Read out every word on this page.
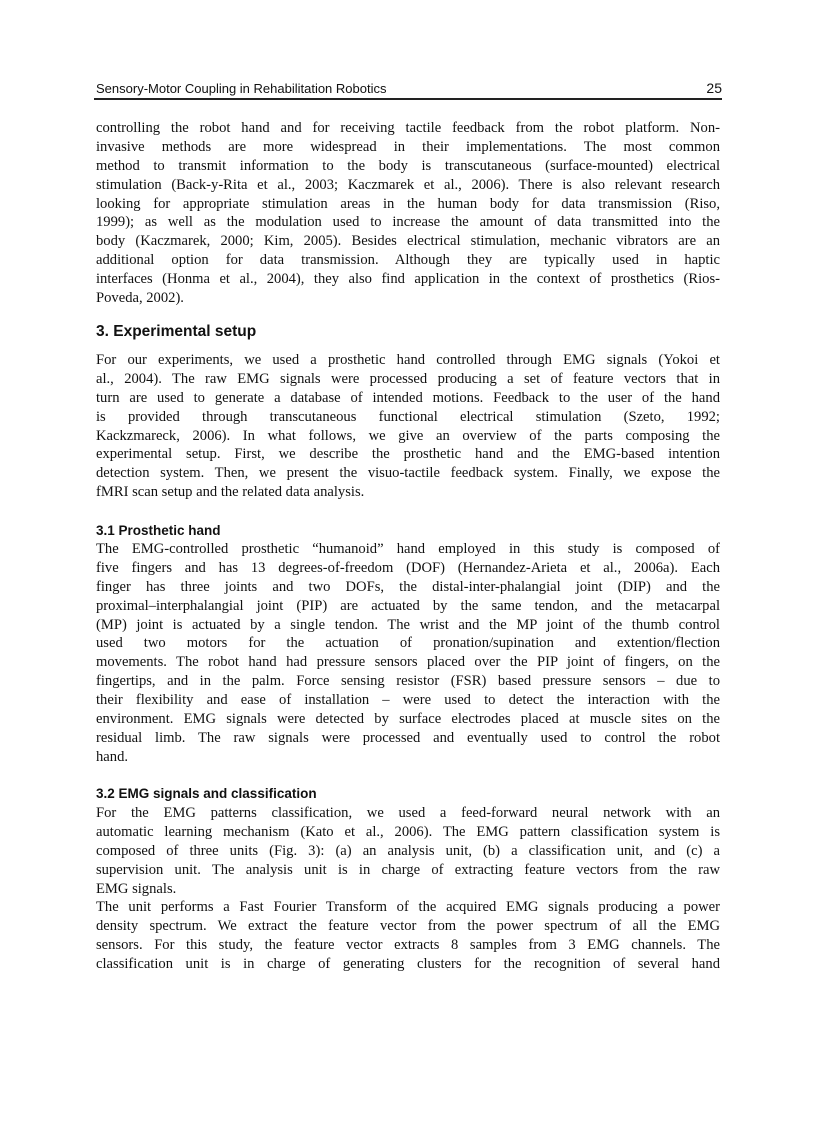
Sensory-Motor Coupling in Rehabilitation Robotics	25
controlling the robot hand and for receiving tactile feedback from the robot platform. Non-
invasive methods are more widespread in their implementations. The most common
method to transmit information to the body is transcutaneous (surface-mounted) electrical
stimulation (Back-y-Rita et al., 2003; Kaczmarek et al., 2006). There is also relevant research
looking for appropriate stimulation areas in the human body for data transmission (Riso,
1999); as well as the modulation used to increase the amount of data transmitted into the
body (Kaczmarek, 2000; Kim, 2005). Besides electrical stimulation, mechanic vibrators are an
additional option for data transmission. Although they are typically used in haptic
interfaces (Honma et al., 2004), they also find application in the context of prosthetics (Rios-
Poveda, 2002).
3. Experimental setup
For our experiments, we used a prosthetic hand controlled through EMG signals (Yokoi et
al., 2004). The raw EMG signals were processed producing a set of feature vectors that in
turn are used to generate a database of intended motions. Feedback to the user of the hand
is provided through transcutaneous functional electrical stimulation (Szeto, 1992;
Kackzmareck, 2006). In what follows, we give an overview of the parts composing the
experimental setup. First, we describe the prosthetic hand and the EMG-based intention
detection system. Then, we present the visuo-tactile feedback system. Finally, we expose the
fMRI scan setup and the related data analysis.
3.1 Prosthetic hand
The EMG-controlled prosthetic “humanoid” hand employed in this study is composed of
five fingers and has 13 degrees-of-freedom (DOF) (Hernandez-Arieta et al., 2006a). Each
finger has three joints and two DOFs, the distal-inter-phalangial joint (DIP) and the
proximal–interphalangial joint (PIP) are actuated by the same tendon, and the metacarpal
(MP) joint is actuated by a single tendon. The wrist and the MP joint of the thumb control
used two motors for the actuation of pronation/supination and extention/flection
movements. The robot hand had pressure sensors placed over the PIP joint of fingers, on the
fingertips, and in the palm. Force sensing resistor (FSR) based pressure sensors – due to
their flexibility and ease of installation – were used to detect the interaction with the
environment. EMG signals were detected by surface electrodes placed at muscle sites on the
residual limb. The raw signals were processed and eventually used to control the robot
hand.
3.2 EMG signals and classification
For the EMG patterns classification, we used a feed-forward neural network with an
automatic learning mechanism (Kato et al., 2006). The EMG pattern classification system is
composed of three units (Fig. 3): (a) an analysis unit, (b) a classification unit, and (c) a
supervision unit. The analysis unit is in charge of extracting feature vectors from the raw
EMG signals.
The unit performs a Fast Fourier Transform of the acquired EMG signals producing a power
density spectrum. We extract the feature vector from the power spectrum of all the EMG
sensors. For this study, the feature vector extracts 8 samples from 3 EMG channels. The
classification unit is in charge of generating clusters for the recognition of several hand
